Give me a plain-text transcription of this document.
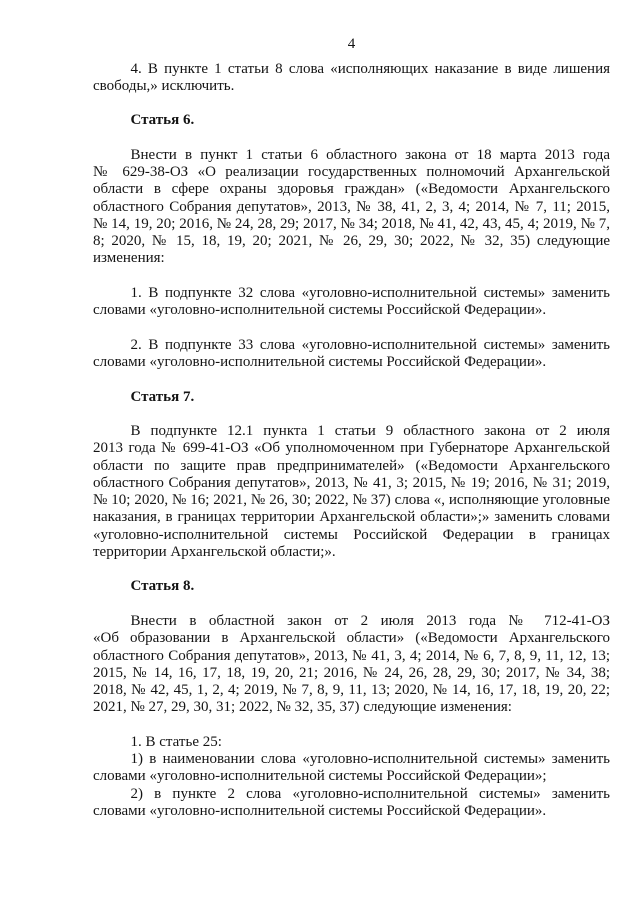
4
4. В пункте 1 статьи 8 слова «исполняющих наказание в виде лишения
свободы,» исключить.
Статья 6.
Внести в пункт 1 статьи 6 областного закона от 18 марта 2013 года
№ 629-38-ОЗ «О реализации государственных полномочий Архангельской
области в сфере охраны здоровья граждан» («Ведомости Архангельского
областного Собрания депутатов», 2013, № 38, 41, 2, 3, 4; 2014, № 7, 11; 2015,
№ 14, 19, 20; 2016, № 24, 28, 29; 2017, № 34; 2018, № 41, 42, 43, 45, 4; 2019, № 7,
8; 2020, № 15, 18, 19, 20; 2021, № 26, 29, 30; 2022, № 32, 35) следующие
изменения:
1. В подпункте 32 слова «уголовно-исполнительной системы» заменить
словами «уголовно-исполнительной системы Российской Федерации».
2. В подпункте 33 слова «уголовно-исполнительной системы» заменить
словами «уголовно-исполнительной системы Российской Федерации».
Статья 7.
В подпункте 12.1 пункта 1 статьи 9 областного закона от 2 июля
2013 года № 699-41-ОЗ «Об уполномоченном при Губернаторе Архангельской
области по защите прав предпринимателей» («Ведомости Архангельского
областного Собрания депутатов», 2013, № 41, 3; 2015, № 19; 2016, № 31; 2019,
№ 10; 2020, № 16; 2021, № 26, 30; 2022, № 37) слова «, исполняющие уголовные
наказания, в границах территории Архангельской области»;» заменить словами
«уголовно-исполнительной системы Российской Федерации в границах
территории Архангельской области;».
Статья 8.
Внести в областной закон от 2 июля 2013 года № 712-41-ОЗ
«Об образовании в Архангельской области» («Ведомости Архангельского
областного Собрания депутатов», 2013, № 41, 3, 4; 2014, № 6, 7, 8, 9, 11, 12, 13;
2015, № 14, 16, 17, 18, 19, 20, 21; 2016, № 24, 26, 28, 29, 30; 2017, № 34, 38;
2018, № 42, 45, 1, 2, 4; 2019, № 7, 8, 9, 11, 13; 2020, № 14, 16, 17, 18, 19, 20, 22;
2021, № 27, 29, 30, 31; 2022, № 32, 35, 37) следующие изменения:
1. В статье 25:
1) в наименовании слова «уголовно-исполнительной системы» заменить
словами «уголовно-исполнительной системы Российской Федерации»;
2) в пункте 2 слова «уголовно-исполнительной системы» заменить
словами «уголовно-исполнительной системы Российской Федерации».
